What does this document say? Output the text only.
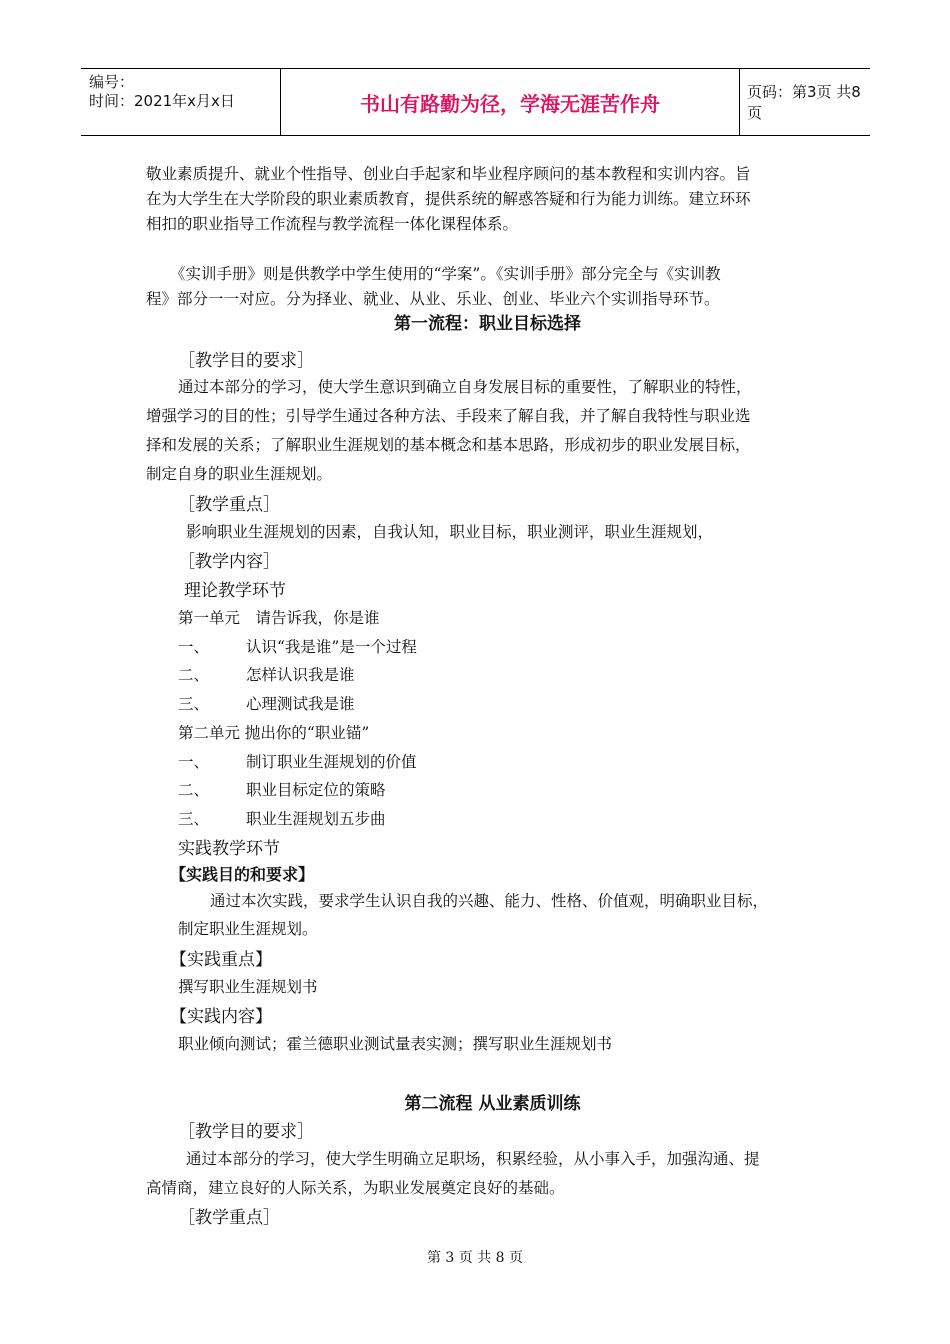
编号：
时间：2021年x月x日	书山有路勤为径，学海无涯苦作舟	页码：第3页 共8页
敬业素质提升、就业个性指导、创业白手起家和毕业程序顾问的基本教程和实训内容。旨
在为大学生在大学阶段的职业素质教育，提供系统的解惑答疑和行为能力训练。建立环环
相扣的职业指导工作流程与教学流程一体化课程体系。
《实训手册》则是供教学中学生使用的“学案”。《实训手册》部分完全与《实训教
程》部分一一对应。分为择业、就业、从业、乐业、创业、毕业六个实训指导环节。
第一流程：职业目标选择
［教学目的要求］
通过本部分的学习，使大学生意识到确立自身发展目标的重要性，了解职业的特性，
增强学习的目的性；引导学生通过各种方法、手段来了解自我，并了解自我特性与职业选
择和发展的关系；了解职业生涯规划的基本概念和基本思路，形成初步的职业发展目标，
制定自身的职业生涯规划。
［教学重点］
影响职业生涯规划的因素，自我认知，职业目标，职业测评，职业生涯规划，
［教学内容］
理论教学环节
第一单元　请告诉我，你是谁
一、 认识“我是谁”是一个过程
二、 怎样认识我是谁
三、 心理测试我是谁
第二单元 抛出你的“职业锚”
一、 制订职业生涯规划的价值
二、 职业目标定位的策略
三、 职业生涯规划五步曲
实践教学环节
【实践目的和要求】
通过本次实践，要求学生认识自我的兴趣、能力、性格、价值观，明确职业目标，
制定职业生涯规划。
【实践重点】
撰写职业生涯规划书
【实践内容】
职业倾向测试；霍兰德职业测试量表实测；撰写职业生涯规划书
第二流程 从业素质训练
［教学目的要求］
通过本部分的学习，使大学生明确立足职场，积累经验，从小事入手，加强沟通、提
高情商，建立良好的人际关系，为职业发展奠定良好的基础。
［教学重点］
第 3 页 共 8 页
